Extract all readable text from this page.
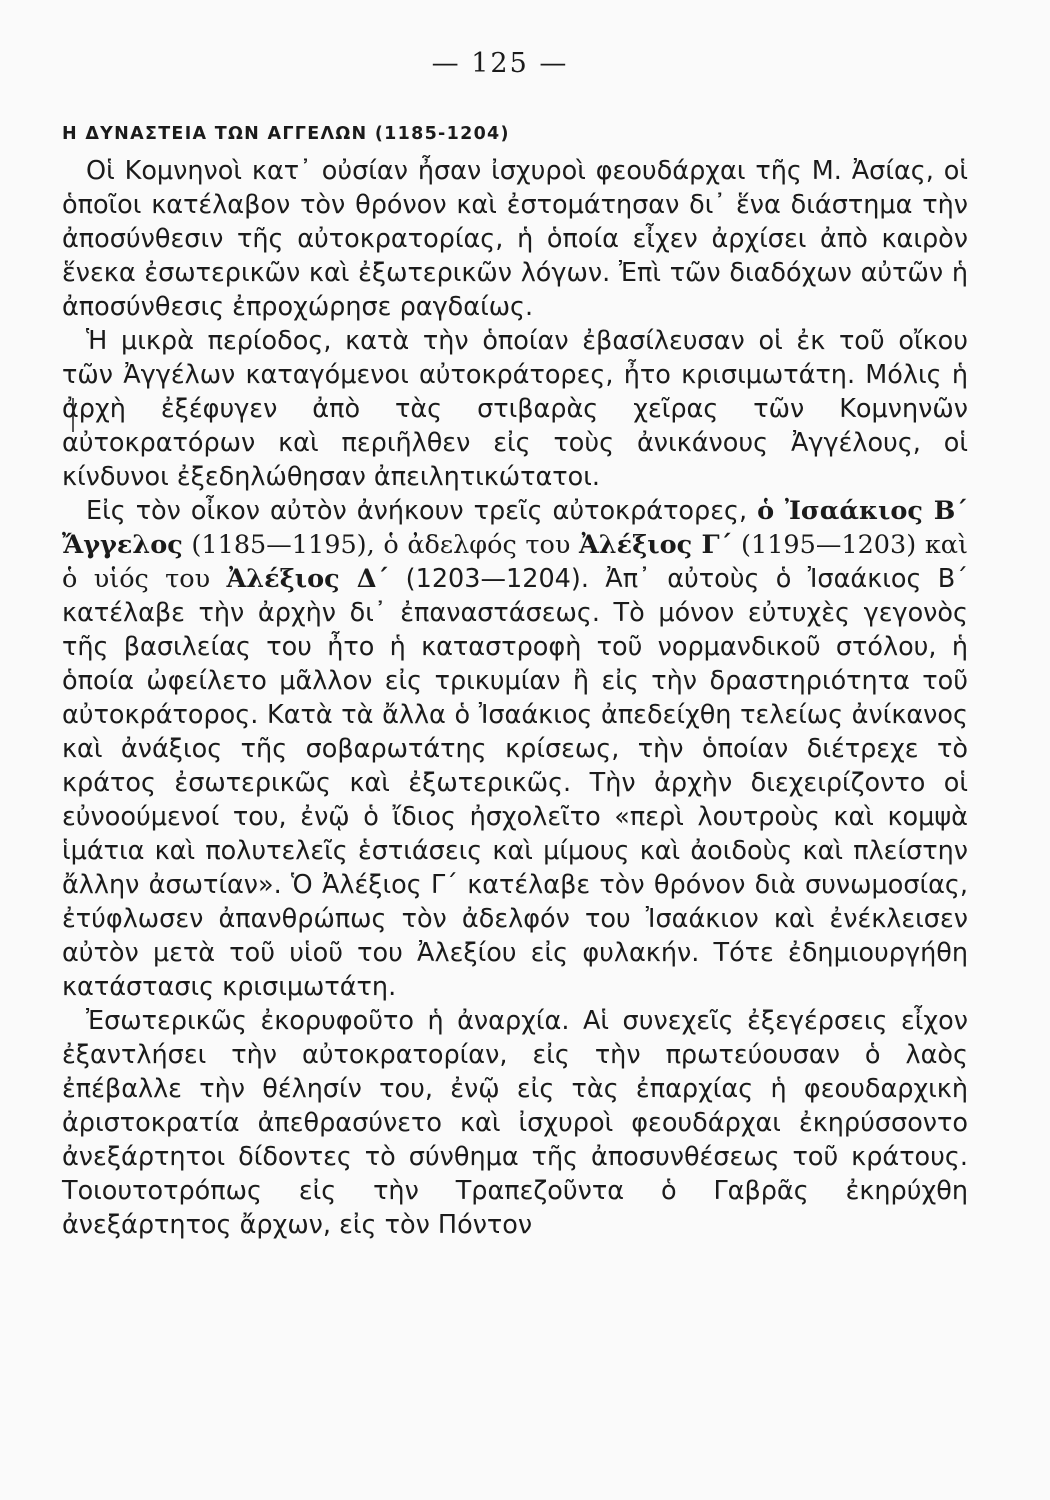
— 125 —
Η ΔΥΝΑΣΤΕΙΑ ΤΩΝ ΑΓΓΕΛΩΝ (1185-1204)

Οἱ Κομνηνοὶ κατ᾽ οὐσίαν ἦσαν ἰσχυροὶ φεουδάρχαι τῆς Μ. Ἀσίας, οἱ ὁποῖοι κατέλαβον τὸν θρόνον καὶ ἐστομάτησαν δι᾽ ἕνα διάστημα τὴν ἀποσύνθεσιν τῆς αὐτοκρατορίας, ἡ ὁποία εἶχεν ἀρχίσει ἀπὸ καιρὸν ἕνεκα ἐσωτερικῶν καὶ ἐξωτερικῶν λόγων. Ἐπὶ τῶν διαδόχων αὐτῶν ἡ ἀποσύνθεσις ἐπροχώρησε ραγδαίως.

Ἡ μικρὰ περίοδος, κατὰ τὴν ὁποίαν ἐβασίλευσαν οἱ ἐκ τοῦ οἴκου τῶν Ἀγγέλων καταγόμενοι αὐτοκράτορες, ἦτο κρισιμωτάτη. Μόλις ἡ ἀρχὴ ἐξέφυγεν ἀπὸ τὰς στιβαρὰς χεῖρας τῶν Κομνηνῶν αὐτοκρατόρων καὶ περιῆλθεν εἰς τοὺς ἀνικάνους Ἀγγέλους, οἱ κίνδυνοι ἐξεδηλώθησαν ἀπειλητικώτατοι.

Εἰς τὸν οἶκον αὐτὸν ἀνήκουν τρεῖς αὐτοκράτορες, ὁ Ἰσαάκιος Β΄ Ἄγγελος (1185—1195), ὁ ἀδελφός του Ἀλέξιος Γ΄ (1195—1203) καὶ ὁ υἱός του Ἀλέξιος Δ΄ (1203—1204). Ἀπ᾽ αὐτοὺς ὁ Ἰσαάκιος Β΄ κατέλαβε τὴν ἀρχὴν δι᾽ ἐπαναστάσεως. Τὸ μόνον εὐτυχὲς γεγονὸς τῆς βασιλείας του ἦτο ἡ καταστροφὴ τοῦ νορμανδικοῦ στόλου, ἡ ὁποία ὠφείλετο μᾶλλον εἰς τρικυμίαν ἢ εἰς τὴν δραστηριότητα τοῦ αὐτοκράτορος. Κατὰ τὰ ἄλλα ὁ Ἰσαάκιος ἀπεδείχθη τελείως ἀνίκανος καὶ ἀνάξιος τῆς σοβαρωτάτης κρίσεως, τὴν ὁποίαν διέτρεχε τὸ κράτος ἐσωτερικῶς καὶ ἐξωτερικῶς. Τὴν ἀρχὴν διεχειρίζοντο οἱ εὐνοούμενοί του, ἐνῷ ὁ ἴδιος ἠσχολεῖτο «περὶ λουτροὺς καὶ κομψὰ ἱμάτια καὶ πολυτελεῖς ἑστιάσεις καὶ μίμους καὶ ἀοιδοὺς καὶ πλείστην ἄλλην ἀσωτίαν». Ὁ Ἀλέξιος Γ΄ κατέλαβε τὸν θρόνον διὰ συνωμοσίας, ἐτύφλωσεν ἀπανθρώπως τὸν ἀδελφόν του Ἰσαάκιον καὶ ἐνέκλεισεν αὐτὸν μετὰ τοῦ υἱοῦ του Ἀλεξίου εἰς φυλακήν. Τότε ἐδημιουργήθη κατάστασις κρισιμωτάτη.

Ἐσωτερικῶς ἐκορυφοῦτο ἡ ἀναρχία. Αἱ συνεχεῖς ἐξεγέρσεις εἶχον ἐξαντλήσει τὴν αὐτοκρατορίαν, εἰς τὴν πρωτεύουσαν ὁ λαὸς ἐπέβαλλε τὴν θέλησίν του, ἐνῷ εἰς τὰς ἐπαρχίας ἡ φεουδαρχικὴ ἀριστοκρατία ἀπεθρασύνετο καὶ ἰσχυροὶ φεουδάρχαι ἐκηρύσσοντο ἀνεξάρτητοι δίδοντες τὸ σύνθημα τῆς ἀποσυνθέσεως τοῦ κράτους. Τοιουτοτρόπως εἰς τὴν Τραπεζοῦντα ὁ Γαβρᾶς ἐκηρύχθη ἀνεξάρτητος ἄρχων, εἰς τὸν Πόντον
